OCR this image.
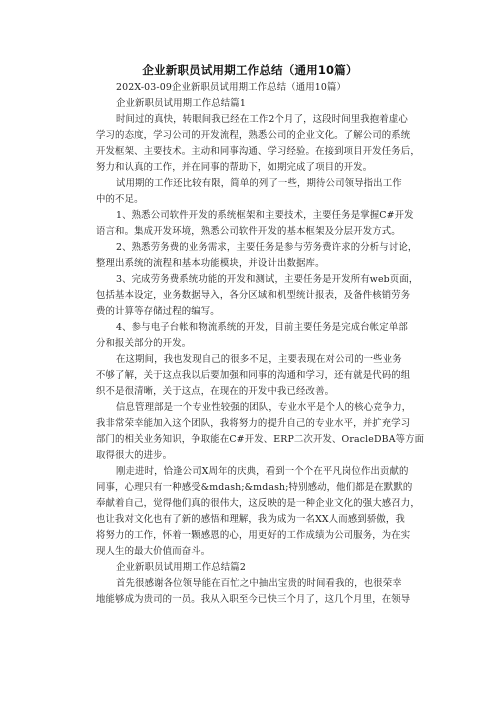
企业新职员试用期工作总结（通用10篇）
202X-03-09企业新职员试用期工作总结（通用10篇）
企业新职员试用期工作总结篇1
时间过的真快，转眼间我已经在工作2个月了，这段时间里我抱着虚心
学习的态度，学习公司的开发流程，熟悉公司的企业文化。了解公司的系统
开发框架、主要技术。主动和同事沟通、学习经验。在接到项目开发任务后，
努力和认真的工作，并在同事的帮助下，如期完成了项目的开发。
试用期的工作还比较有限，简单的列了一些，期待公司领导指出工作
中的不足。
1、熟悉公司软件开发的系统框架和主要技术，主要任务是掌握C#开发
语言和。集成开发环境，熟悉公司软件开发的基本框架及分层开发方式。
2、熟悉劳务费的业务需求，主要任务是参与劳务费许求的分析与讨论，
整理出系统的流程和基本功能模块，并设计出数据库。
3、完成劳务费系统功能的开发和测试，主要任务是开发所有web页面，
包括基本设定，业务数据导入，各分区域和机型统计报表，及备件核销劳务
费的计算等存储过程的编写。
4、参与电子台帐和物流系统的开发，目前主要任务是完成台帐定单部
分和报关部分的开发。
在这期间，我也发现自己的很多不足，主要表现在对公司的一些业务
不够了解，关于这点我以后要加强和同事的沟通和学习，还有就是代码的组
织不是很清晰，关于这点，在现在的开发中我已经改善。
信息管理部是一个专业性较强的团队，专业水平是个人的核心竞争力，
我非常荣幸能加入这个团队，我将努力的提升自己的专业水平，并扩充学习
部门的相关业务知识，争取能在C#开发、ERP二次开发、OracleDBA等方面
取得很大的进步。
刚走进时，恰逢公司X周年的庆典，看到一个个在平凡岗位作出贡献的
同事，心理只有一种感受&mdash;&mdash;特别感动，他们都是在默默的
奉献着自己，觉得他们真的很伟大，这反映的是一种企业文化的强大感召力，
也让我对文化也有了新的感悟和理解，我为成为一名XX人而感到骄傲，我
将努力的工作，怀着一颗感恩的心，用更好的工作成绩为公司服务，为在实
现人生的最大价值而奋斗。
企业新职员试用期工作总结篇2
首先很感谢各位领导能在百忙之中抽出宝贵的时间看我的，也很荣幸
地能够成为贵司的一员。我从入职至今已快三个月了，这几个月里，在领导
